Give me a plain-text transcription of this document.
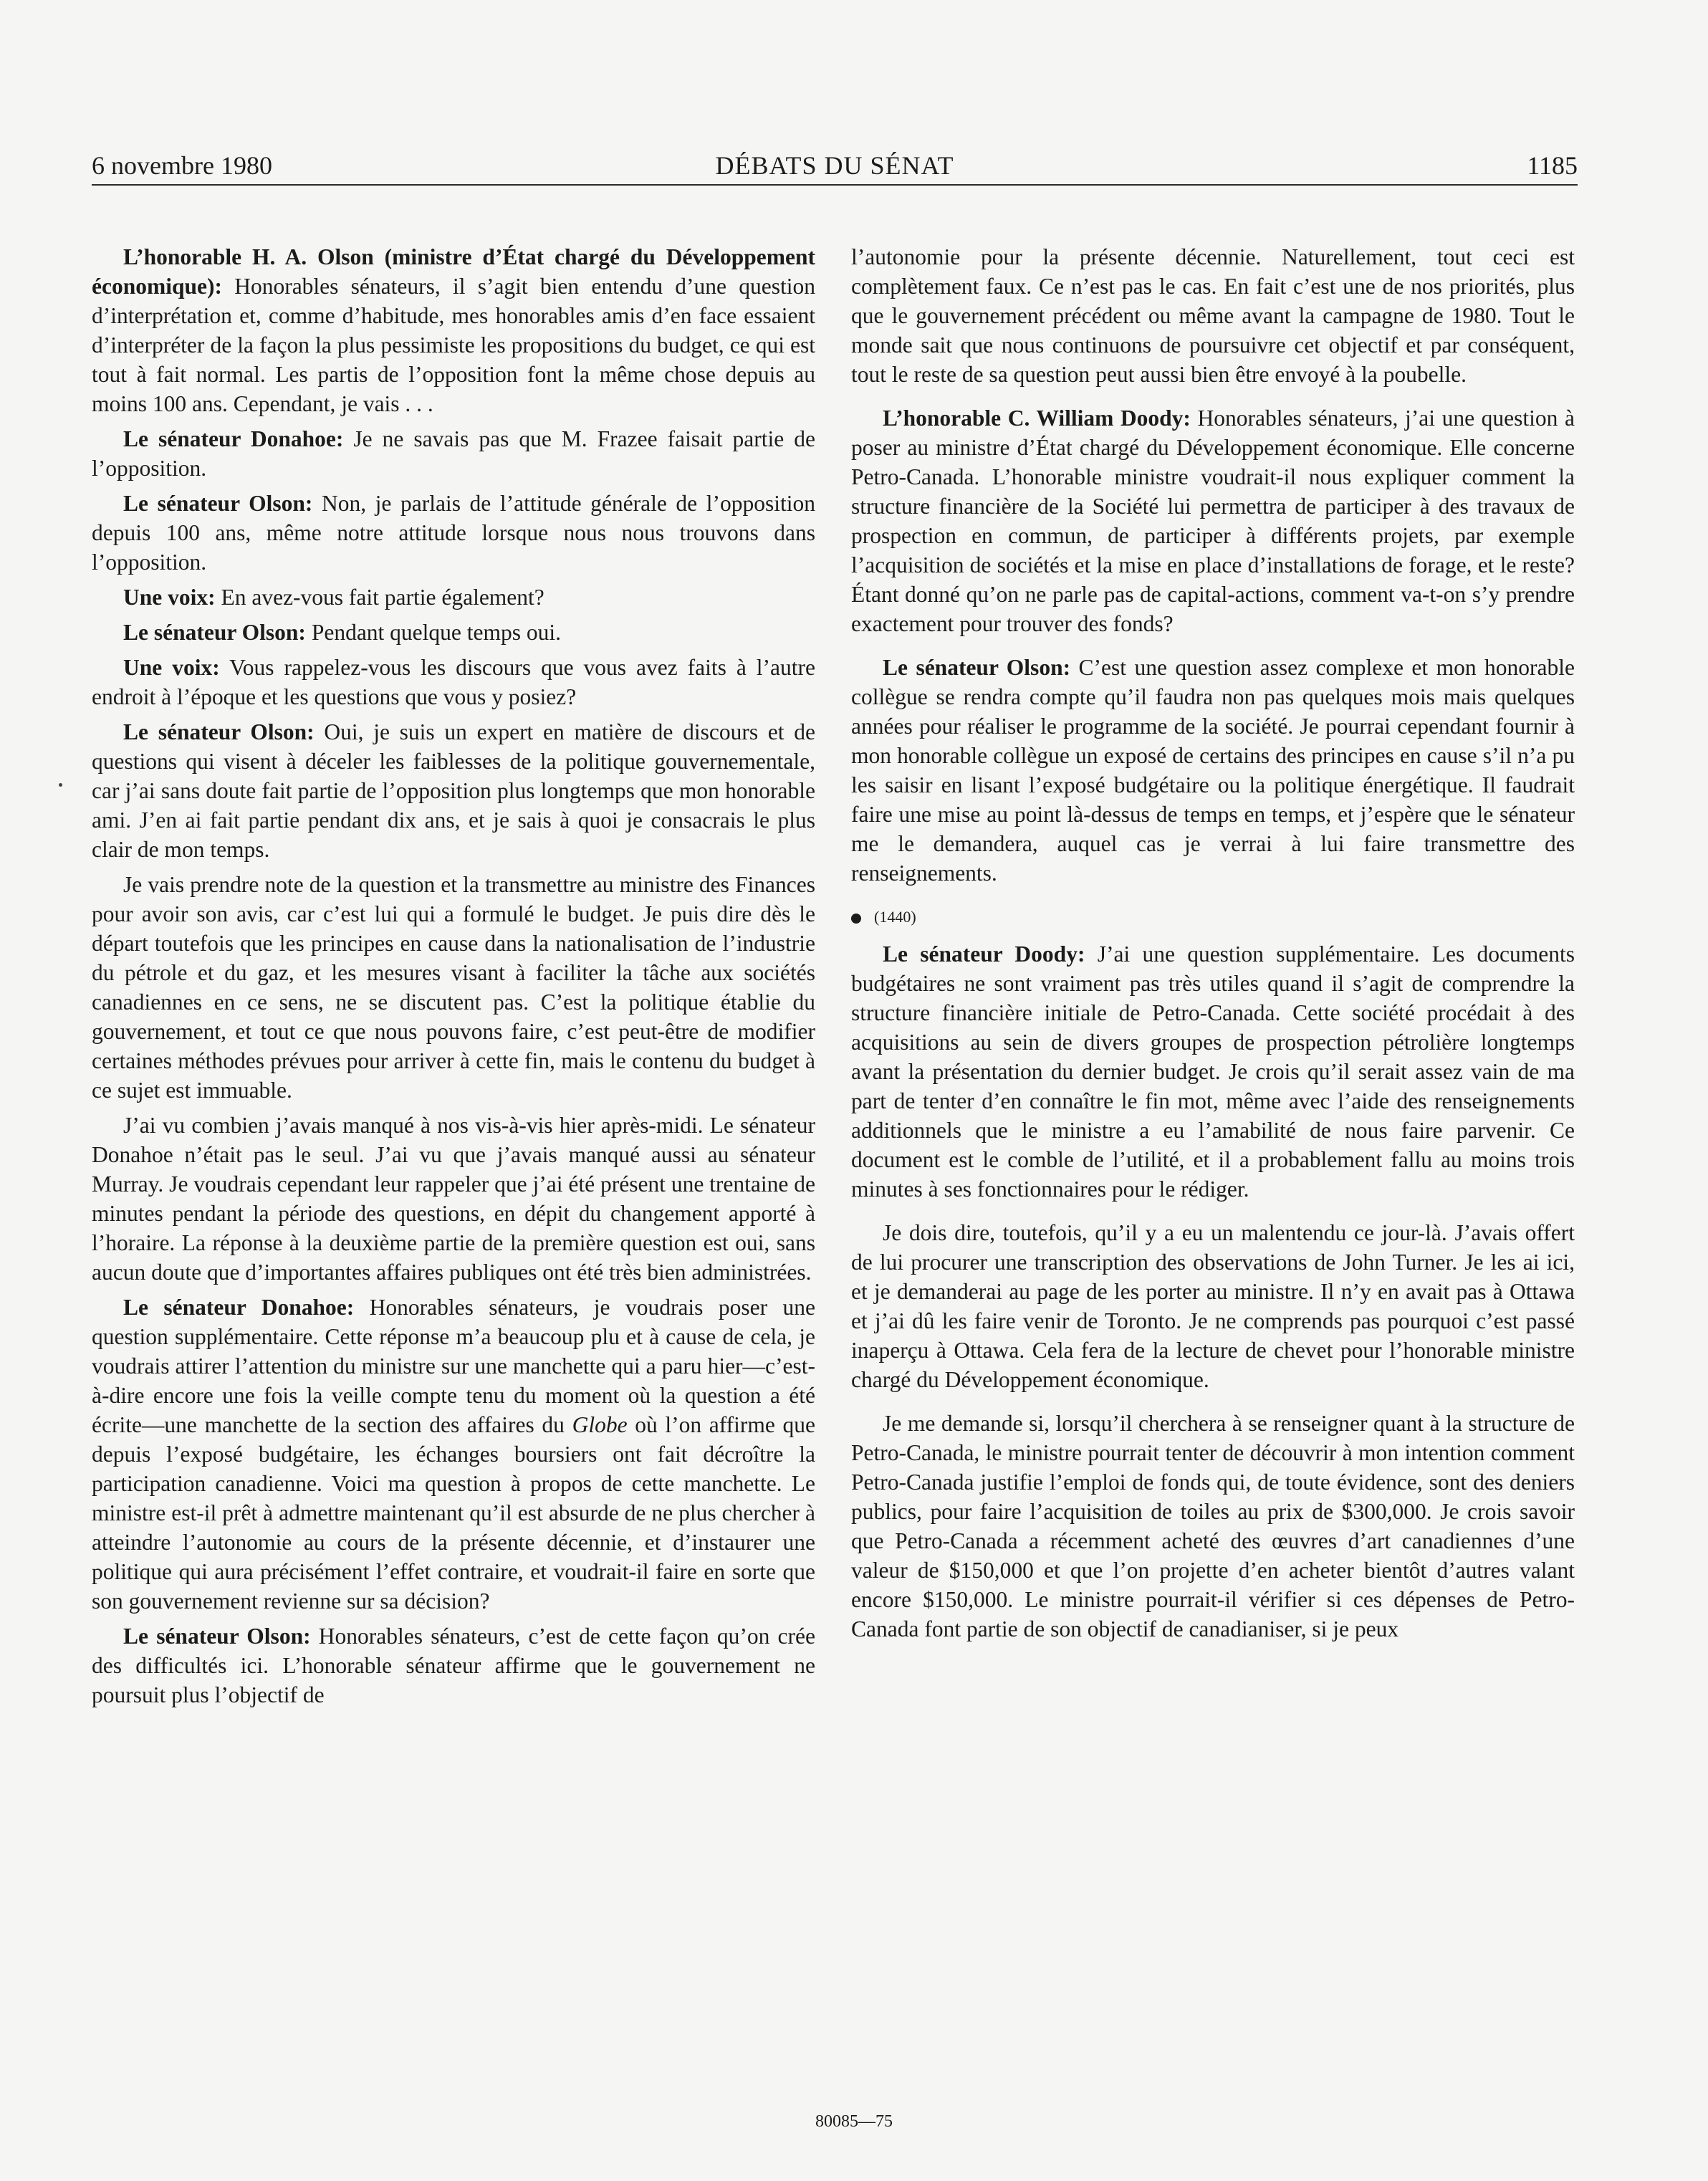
6 novembre 1980	DÉBATS DU SÉNAT	1185

L’honorable H. A. Olson (ministre d’État chargé du Développement économique): Honorables sénateurs, il s’agit bien entendu d’une question d’interprétation et, comme d’habitude, mes honorables amis d’en face essaient d’interpréter de la façon la plus pessimiste les propositions du budget, ce qui est tout à fait normal. Les partis de l’opposition font la même chose depuis au moins 100 ans. Cependant, je vais . . .

Le sénateur Donahoe: Je ne savais pas que M. Frazee faisait partie de l’opposition.

Le sénateur Olson: Non, je parlais de l’attitude générale de l’opposition depuis 100 ans, même notre attitude lorsque nous nous trouvons dans l’opposition.

Une voix: En avez-vous fait partie également?

Le sénateur Olson: Pendant quelque temps oui.

Une voix: Vous rappelez-vous les discours que vous avez faits à l’autre endroit à l’époque et les questions que vous y posiez?

Le sénateur Olson: Oui, je suis un expert en matière de discours et de questions qui visent à déceler les faiblesses de la politique gouvernementale, car j’ai sans doute fait partie de l’opposition plus longtemps que mon honorable ami. J’en ai fait partie pendant dix ans, et je sais à quoi je consacrais le plus clair de mon temps.

Je vais prendre note de la question et la transmettre au ministre des Finances pour avoir son avis, car c’est lui qui a formulé le budget. Je puis dire dès le départ toutefois que les principes en cause dans la nationalisation de l’industrie du pétrole et du gaz, et les mesures visant à faciliter la tâche aux sociétés canadiennes en ce sens, ne se discutent pas. C’est la politique établie du gouvernement, et tout ce que nous pouvons faire, c’est peut-être de modifier certaines méthodes prévues pour arriver à cette fin, mais le contenu du budget à ce sujet est immuable.

J’ai vu combien j’avais manqué à nos vis-à-vis hier après-midi. Le sénateur Donahoe n’était pas le seul. J’ai vu que j’avais manqué aussi au sénateur Murray. Je voudrais cependant leur rappeler que j’ai été présent une trentaine de minutes pendant la période des questions, en dépit du changement apporté à l’horaire. La réponse à la deuxième partie de la première question est oui, sans aucun doute que d’importantes affaires publiques ont été très bien administrées.

Le sénateur Donahoe: Honorables sénateurs, je voudrais poser une question supplémentaire. Cette réponse m’a beaucoup plu et à cause de cela, je voudrais attirer l’attention du ministre sur une manchette qui a paru hier—c’est-à-dire encore une fois la veille compte tenu du moment où la question a été écrite—une manchette de la section des affaires du Globe où l’on affirme que depuis l’exposé budgétaire, les échanges boursiers ont fait décroître la participation canadienne. Voici ma question à propos de cette manchette. Le ministre est-il prêt à admettre maintenant qu’il est absurde de ne plus chercher à atteindre l’autonomie au cours de la présente décennie, et d’instaurer une politique qui aura précisément l’effet contraire, et voudrait-il faire en sorte que son gouvernement revienne sur sa décision?

Le sénateur Olson: Honorables sénateurs, c’est de cette façon qu’on crée des difficultés ici. L’honorable sénateur affirme que le gouvernement ne poursuit plus l’objectif de

l’autonomie pour la présente décennie. Naturellement, tout ceci est complètement faux. Ce n’est pas le cas. En fait c’est une de nos priorités, plus que le gouvernement précédent ou même avant la campagne de 1980. Tout le monde sait que nous continuons de poursuivre cet objectif et par conséquent, tout le reste de sa question peut aussi bien être envoyé à la poubelle.

L’honorable C. William Doody: Honorables sénateurs, j’ai une question à poser au ministre d’État chargé du Développement économique. Elle concerne Petro-Canada. L’honorable ministre voudrait-il nous expliquer comment la structure financière de la Société lui permettra de participer à des travaux de prospection en commun, de participer à différents projets, par exemple l’acquisition de sociétés et la mise en place d’installations de forage, et le reste? Étant donné qu’on ne parle pas de capital-actions, comment va-t-on s’y prendre exactement pour trouver des fonds?

Le sénateur Olson: C’est une question assez complexe et mon honorable collègue se rendra compte qu’il faudra non pas quelques mois mais quelques années pour réaliser le programme de la société. Je pourrai cependant fournir à mon honorable collègue un exposé de certains des principes en cause s’il n’a pu les saisir en lisant l’exposé budgétaire ou la politique énergétique. Il faudrait faire une mise au point là-dessus de temps en temps, et j’espère que le sénateur me le demandera, auquel cas je verrai à lui faire transmettre des renseignements.

(1440)

Le sénateur Doody: J’ai une question supplémentaire. Les documents budgétaires ne sont vraiment pas très utiles quand il s’agit de comprendre la structure financière initiale de Petro-Canada. Cette société procédait à des acquisitions au sein de divers groupes de prospection pétrolière longtemps avant la présentation du dernier budget. Je crois qu’il serait assez vain de ma part de tenter d’en connaître le fin mot, même avec l’aide des renseignements additionnels que le ministre a eu l’amabilité de nous faire parvenir. Ce document est le comble de l’utilité, et il a probablement fallu au moins trois minutes à ses fonctionnaires pour le rédiger.

Je dois dire, toutefois, qu’il y a eu un malentendu ce jour-là. J’avais offert de lui procurer une transcription des observations de John Turner. Je les ai ici, et je demanderai au page de les porter au ministre. Il n’y en avait pas à Ottawa et j’ai dû les faire venir de Toronto. Je ne comprends pas pourquoi c’est passé inaperçu à Ottawa. Cela fera de la lecture de chevet pour l’honorable ministre chargé du Développement économique.

Je me demande si, lorsqu’il cherchera à se renseigner quant à la structure de Petro-Canada, le ministre pourrait tenter de découvrir à mon intention comment Petro-Canada justifie l’emploi de fonds qui, de toute évidence, sont des deniers publics, pour faire l’acquisition de toiles au prix de $300,000. Je crois savoir que Petro-Canada a récemment acheté des œuvres d’art canadiennes d’une valeur de $150,000 et que l’on projette d’en acheter bientôt d’autres valant encore $150,000. Le ministre pourrait-il vérifier si ces dépenses de Petro-Canada font partie de son objectif de canadianiser, si je peux

80085—75
